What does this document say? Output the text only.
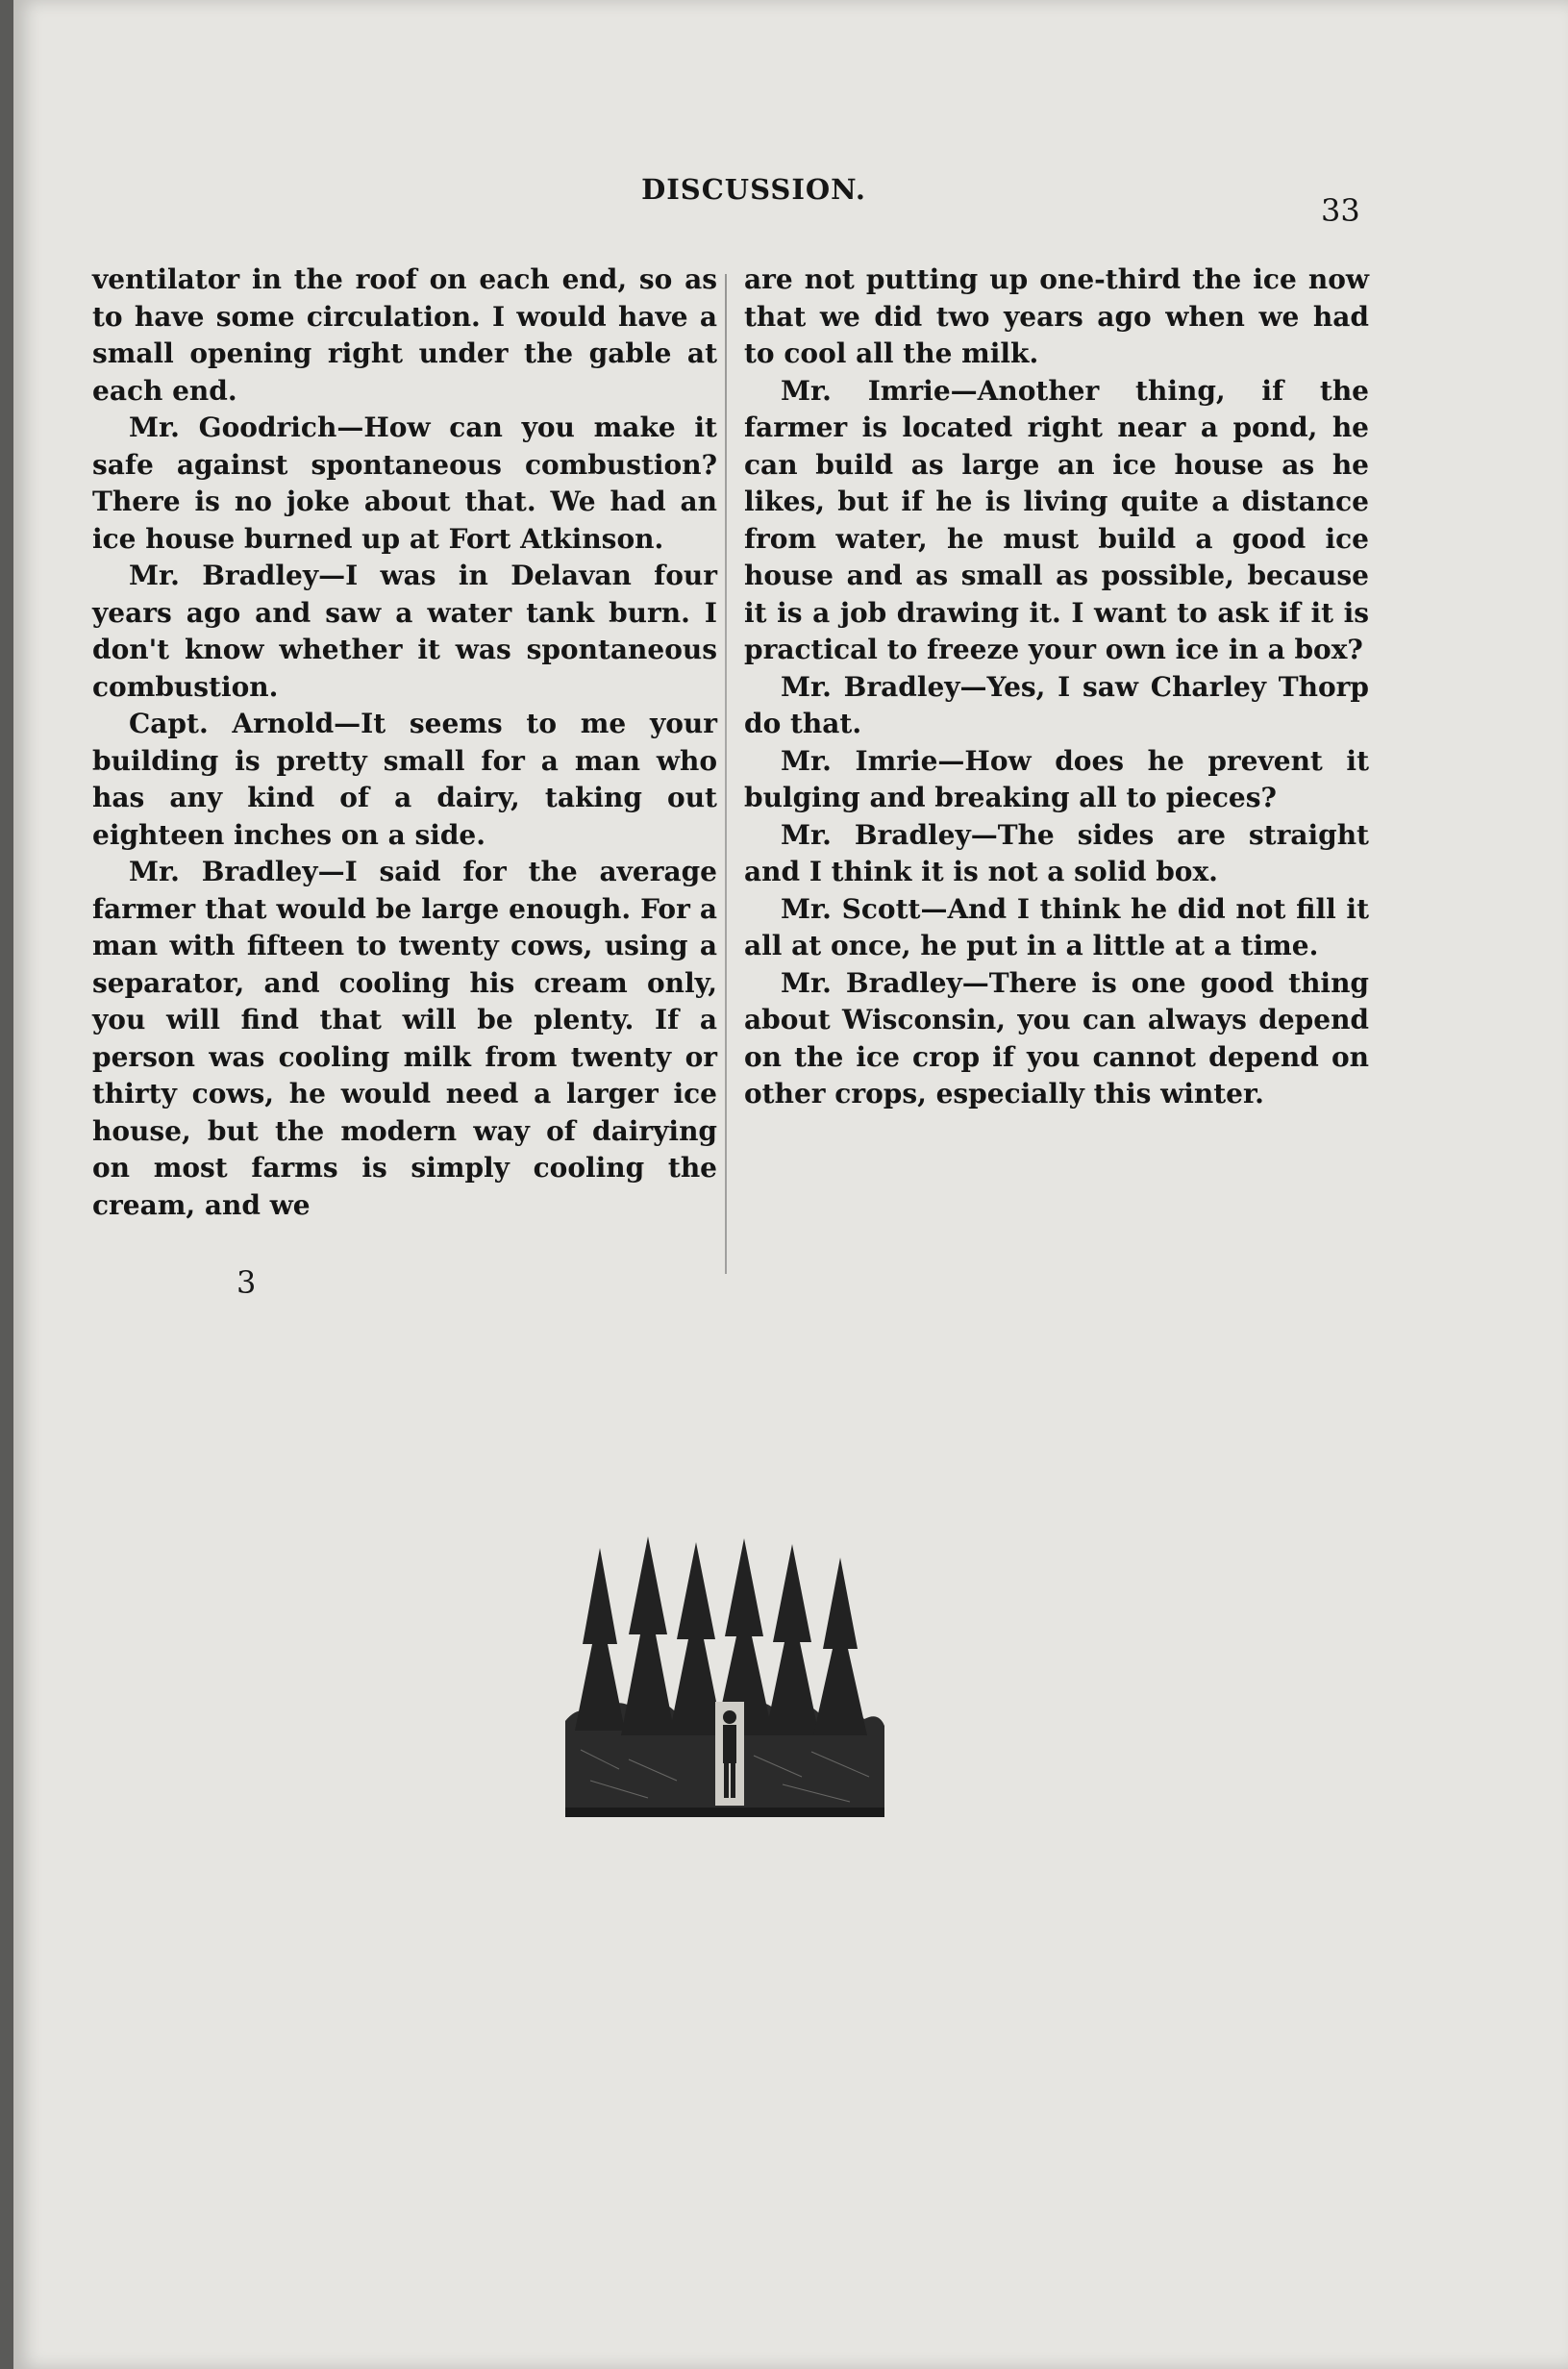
DISCUSSION.
33

ventilator in the roof on each end, so as to have some circulation. I would have a small opening right under the gable at each end.

Mr. Goodrich—How can you make it safe against spontaneous combustion? There is no joke about that. We had an ice house burned up at Fort Atkinson.

Mr. Bradley—I was in Delavan four years ago and saw a water tank burn. I don't know whether it was spontaneous combustion.

Capt. Arnold—It seems to me your building is pretty small for a man who has any kind of a dairy, taking out eighteen inches on a side.

Mr. Bradley—I said for the average farmer that would be large enough. For a man with fifteen to twenty cows, using a separator, and cooling his cream only, you will find that will be plenty. If a person was cooling milk from twenty or thirty cows, he would need a larger ice house, but the modern way of dairying on most farms is simply cooling the cream, and we

are not putting up one-third the ice now that we did two years ago when we had to cool all the milk.

Mr. Imrie—Another thing, if the farmer is located right near a pond, he can build as large an ice house as he likes, but if he is living quite a distance from water, he must build a good ice house and as small as possible, because it is a job drawing it. I want to ask if it is practical to freeze your own ice in a box?

Mr. Bradley—Yes, I saw Charley Thorp do that.

Mr. Imrie—How does he prevent it bulging and breaking all to pieces?

Mr. Bradley—The sides are straight and I think it is not a solid box.

Mr. Scott—And I think he did not fill it all at once, he put in a little at a time.

Mr. Bradley—There is one good thing about Wisconsin, you can always depend on the ice crop if you cannot depend on other crops, especially this winter.

3
